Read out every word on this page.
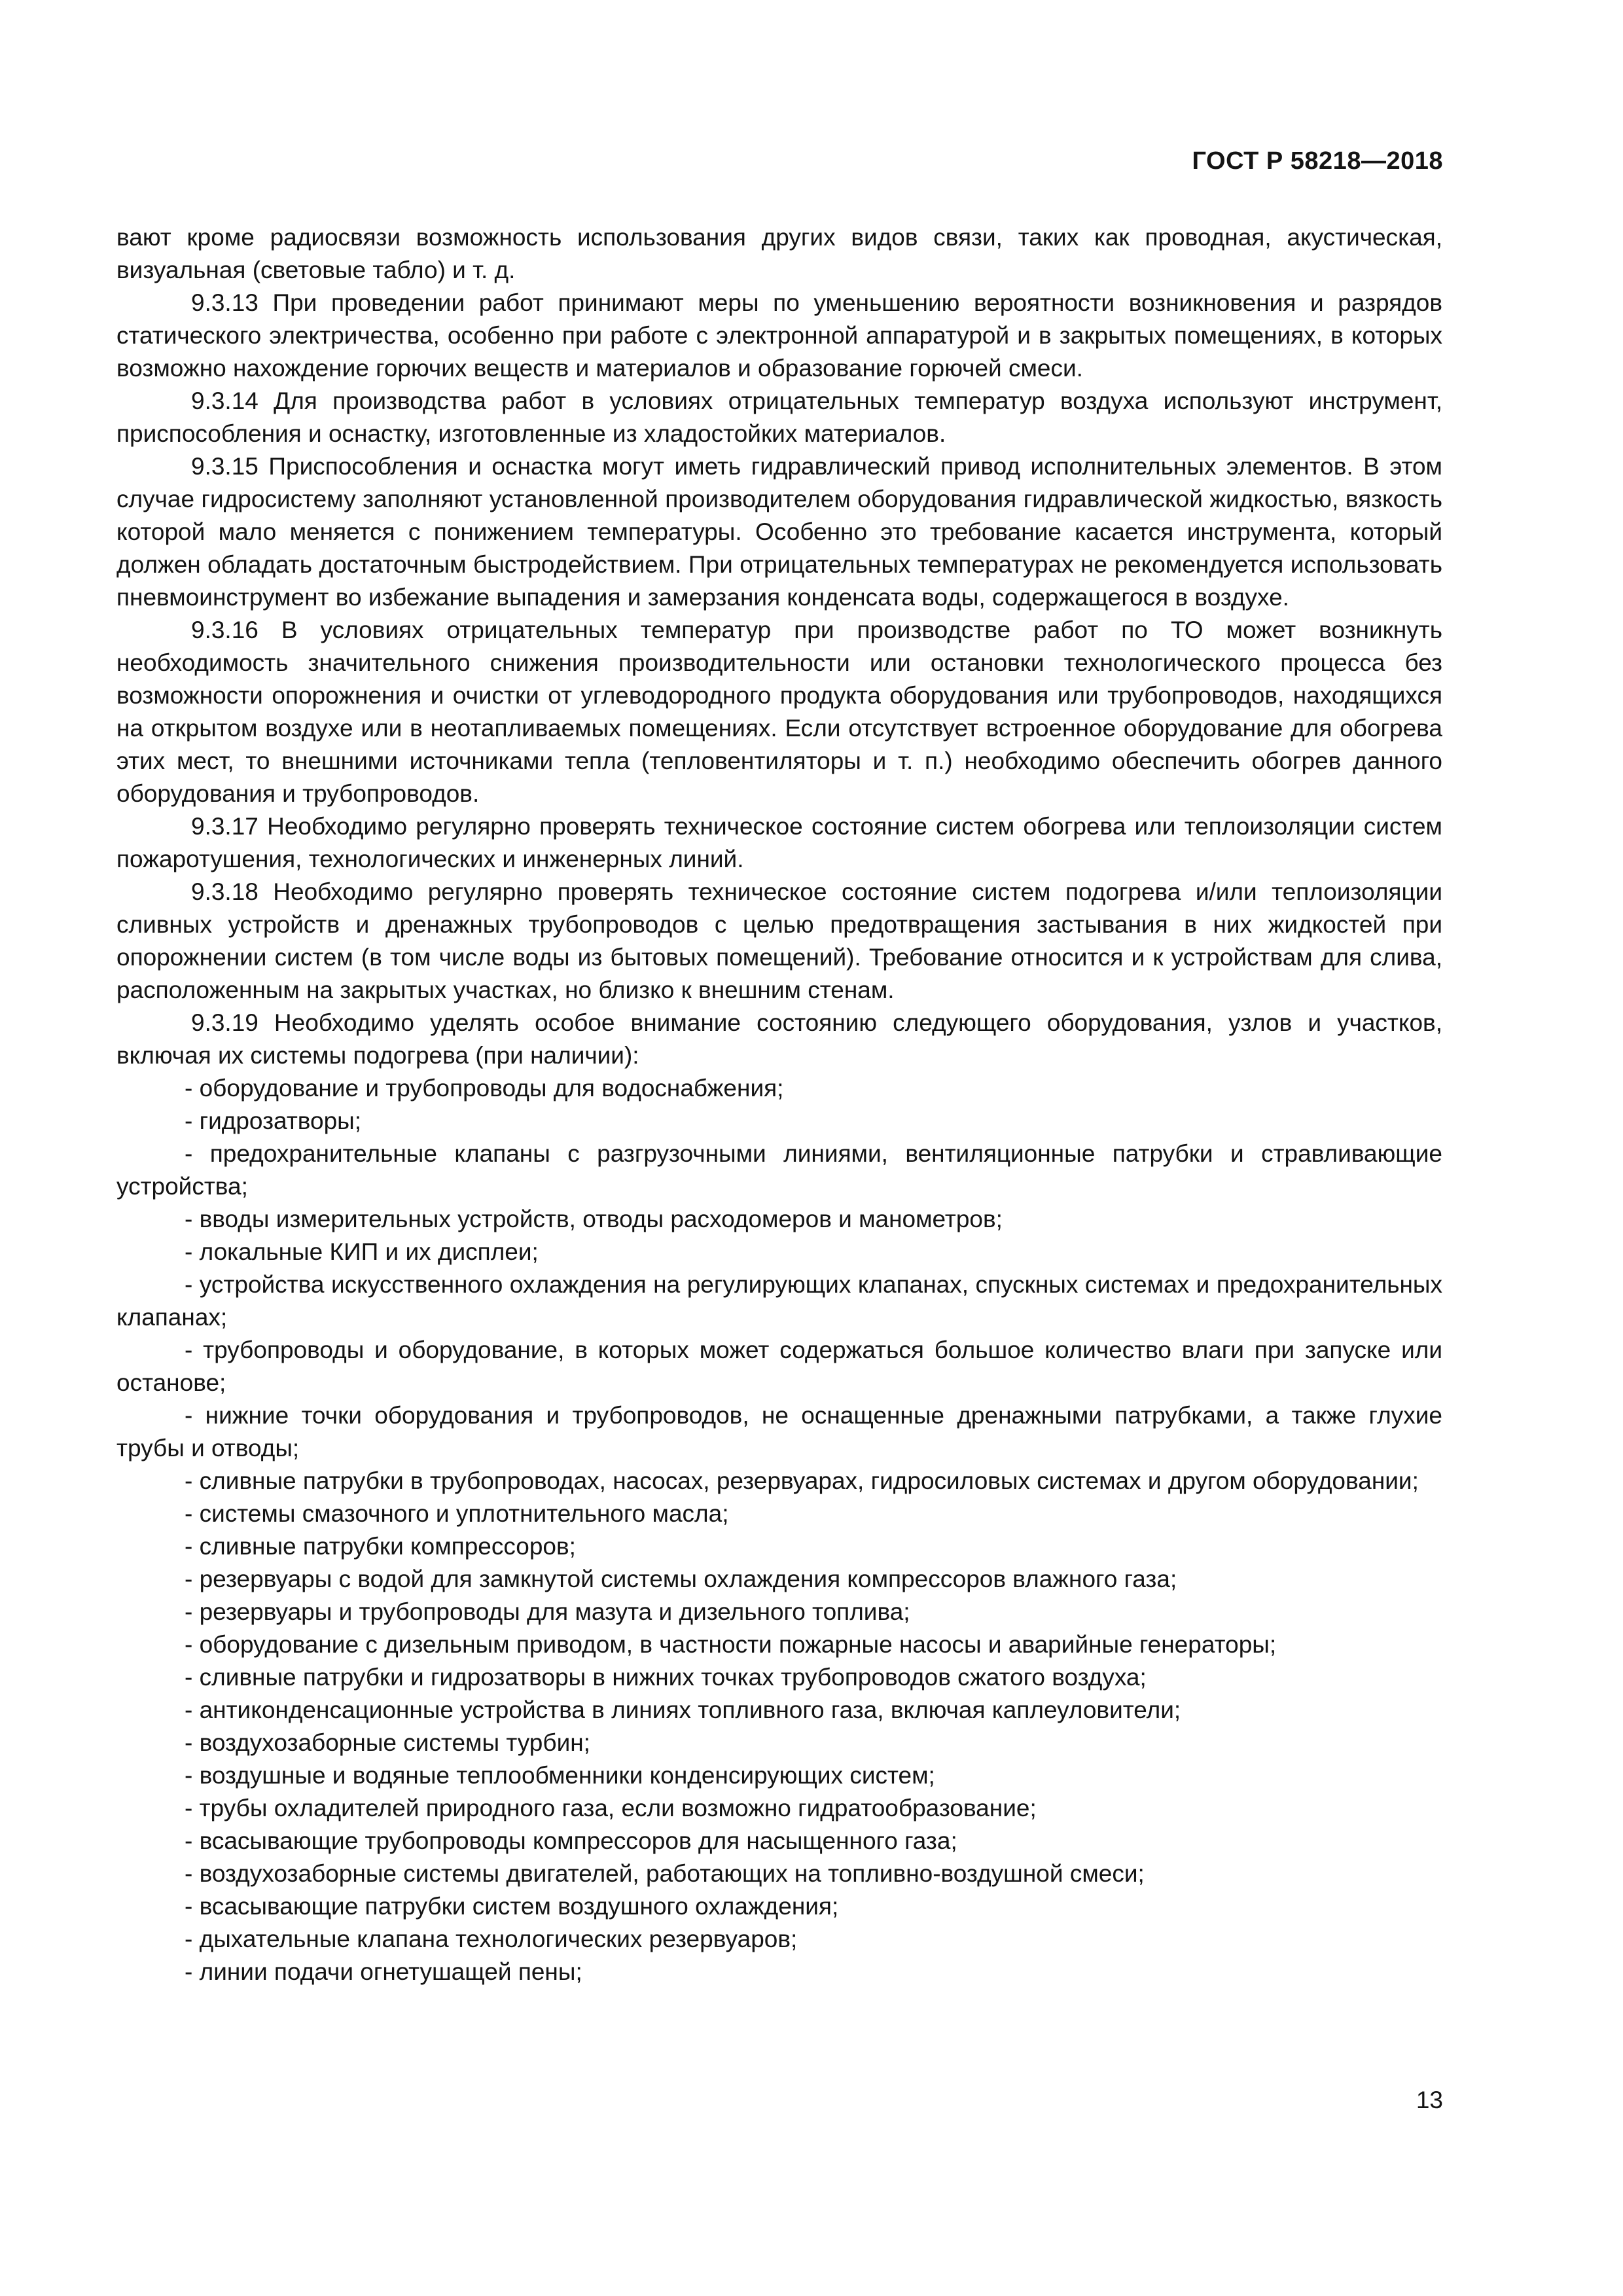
ГОСТ Р 58218—2018

вают кроме радиосвязи возможность использования других видов связи, таких как проводная, акустическая, визуальная (световые табло) и т. д.

9.3.13 При проведении работ принимают меры по уменьшению вероятности возникновения и разрядов статического электричества, особенно при работе с электронной аппаратурой и в закрытых помещениях, в которых возможно нахождение горючих веществ и материалов и образование горючей смеси.

9.3.14 Для производства работ в условиях отрицательных температур воздуха используют инструмент, приспособления и оснастку, изготовленные из хладостойких материалов.

9.3.15 Приспособления и оснастка могут иметь гидравлический привод исполнительных элементов. В этом случае гидросистему заполняют установленной производителем оборудования гидравлической жидкостью, вязкость которой мало меняется с понижением температуры. Особенно это требование касается инструмента, который должен обладать достаточным быстродействием. При отрицательных температурах не рекомендуется использовать пневмоинструмент во избежание выпадения и замерзания конденсата воды, содержащегося в воздухе.

9.3.16 В условиях отрицательных температур при производстве работ по ТО может возникнуть необходимость значительного снижения производительности или остановки технологического процесса без возможности опорожнения и очистки от углеводородного продукта оборудования или трубопроводов, находящихся на открытом воздухе или в неотапливаемых помещениях. Если отсутствует встроенное оборудование для обогрева этих мест, то внешними источниками тепла (тепловентиляторы и т. п.) необходимо обеспечить обогрев данного оборудования и трубопроводов.

9.3.17 Необходимо регулярно проверять техническое состояние систем обогрева или теплоизоляции систем пожаротушения, технологических и инженерных линий.

9.3.18 Необходимо регулярно проверять техническое состояние систем подогрева и/или теплоизоляции сливных устройств и дренажных трубопроводов с целью предотвращения застывания в них жидкостей при опорожнении систем (в том числе воды из бытовых помещений). Требование относится и к устройствам для слива, расположенным на закрытых участках, но близко к внешним стенам.

9.3.19 Необходимо уделять особое внимание состоянию следующего оборудования, узлов и участков, включая их системы подогрева (при наличии):

- оборудование и трубопроводы для водоснабжения;

- гидрозатворы;

- предохранительные клапаны с разгрузочными линиями, вентиляционные патрубки и стравливающие устройства;

- вводы измерительных устройств, отводы расходомеров и манометров;

- локальные КИП и их дисплеи;

- устройства искусственного охлаждения на регулирующих клапанах, спускных системах и предохранительных клапанах;

- трубопроводы и оборудование, в которых может содержаться большое количество влаги при запуске или останове;

- нижние точки оборудования и трубопроводов, не оснащенные дренажными патрубками, а также глухие трубы и отводы;

- сливные патрубки в трубопроводах, насосах, резервуарах, гидросиловых системах и другом оборудовании;

- системы смазочного и уплотнительного масла;

- сливные патрубки компрессоров;

- резервуары с водой для замкнутой системы охлаждения компрессоров влажного газа;

- резервуары и трубопроводы для мазута и дизельного топлива;

- оборудование с дизельным приводом, в частности пожарные насосы и аварийные генераторы;

- сливные патрубки и гидрозатворы в нижних точках трубопроводов сжатого воздуха;

- антиконденсационные устройства в линиях топливного газа, включая каплеуловители;

- воздухозаборные системы турбин;

- воздушные и водяные теплообменники конденсирующих систем;

- трубы охладителей природного газа, если возможно гидратообразование;

- всасывающие трубопроводы компрессоров для насыщенного газа;

- воздухозаборные системы двигателей, работающих на топливно-воздушной смеси;

- всасывающие патрубки систем воздушного охлаждения;

- дыхательные клапана технологических резервуаров;

- линии подачи огнетушащей пены;

13
